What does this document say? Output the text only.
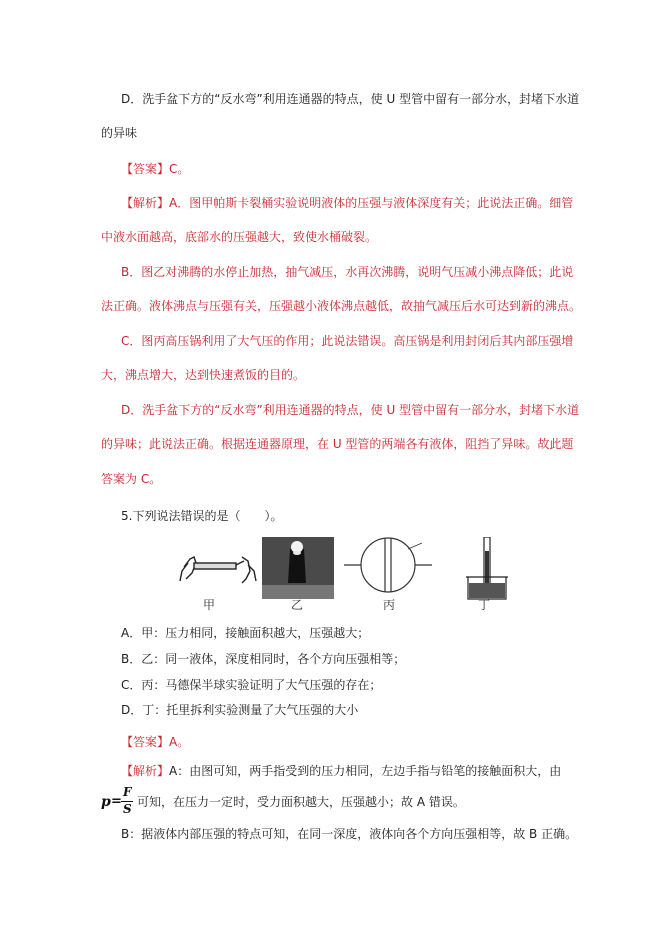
D．洗手盆下方的“反水弯”利用连通器的特点，使 U 型管中留有一部分水，封堵下水道
的异味
【答案】C。
【解析】A．图甲帕斯卡裂桶实验说明液体的压强与液体深度有关；此说法正确。细管
中液水面越高，底部水的压强越大，致使水桶破裂。
B．图乙对沸腾的水停止加热，抽气减压，水再次沸腾，说明气压减小沸点降低；此说
法正确。液体沸点与压强有关，压强越小液体沸点越低，故抽气减压后水可达到新的沸点。
C．图丙高压锅利用了大气压的作用；此说法错误。高压锅是利用封闭后其内部压强增
大，沸点增大，达到快速煮饭的目的。
D．洗手盆下方的“反水弯”利用连通器的特点，使 U 型管中留有一部分水，封堵下水道
的异味；此说法正确。根据连通器原理，在 U 型管的两端各有液体，阻挡了异味。故此题
答案为 C。
5.下列说法错误的是（　　）。
甲	乙	丙	丁
A．甲：压力相同，接触面积越大，压强越大；
B．乙：同一液体，深度相同时，各个方向压强相等；
C．丙：马德保半球实验证明了大气压强的存在；
D．丁：托里拆利实验测量了大气压强的大小
【答案】A。
【解析】A：由图可知，两手指受到的压力相同，左边手指与铅笔的接触面积大，由
p =
F
S 可知，在压力一定时，受力面积越大，压强越小；故 A 错误。
B：据液体内部压强的特点可知，在同一深度，液体向各个方向压强相等，故 B 正确。
